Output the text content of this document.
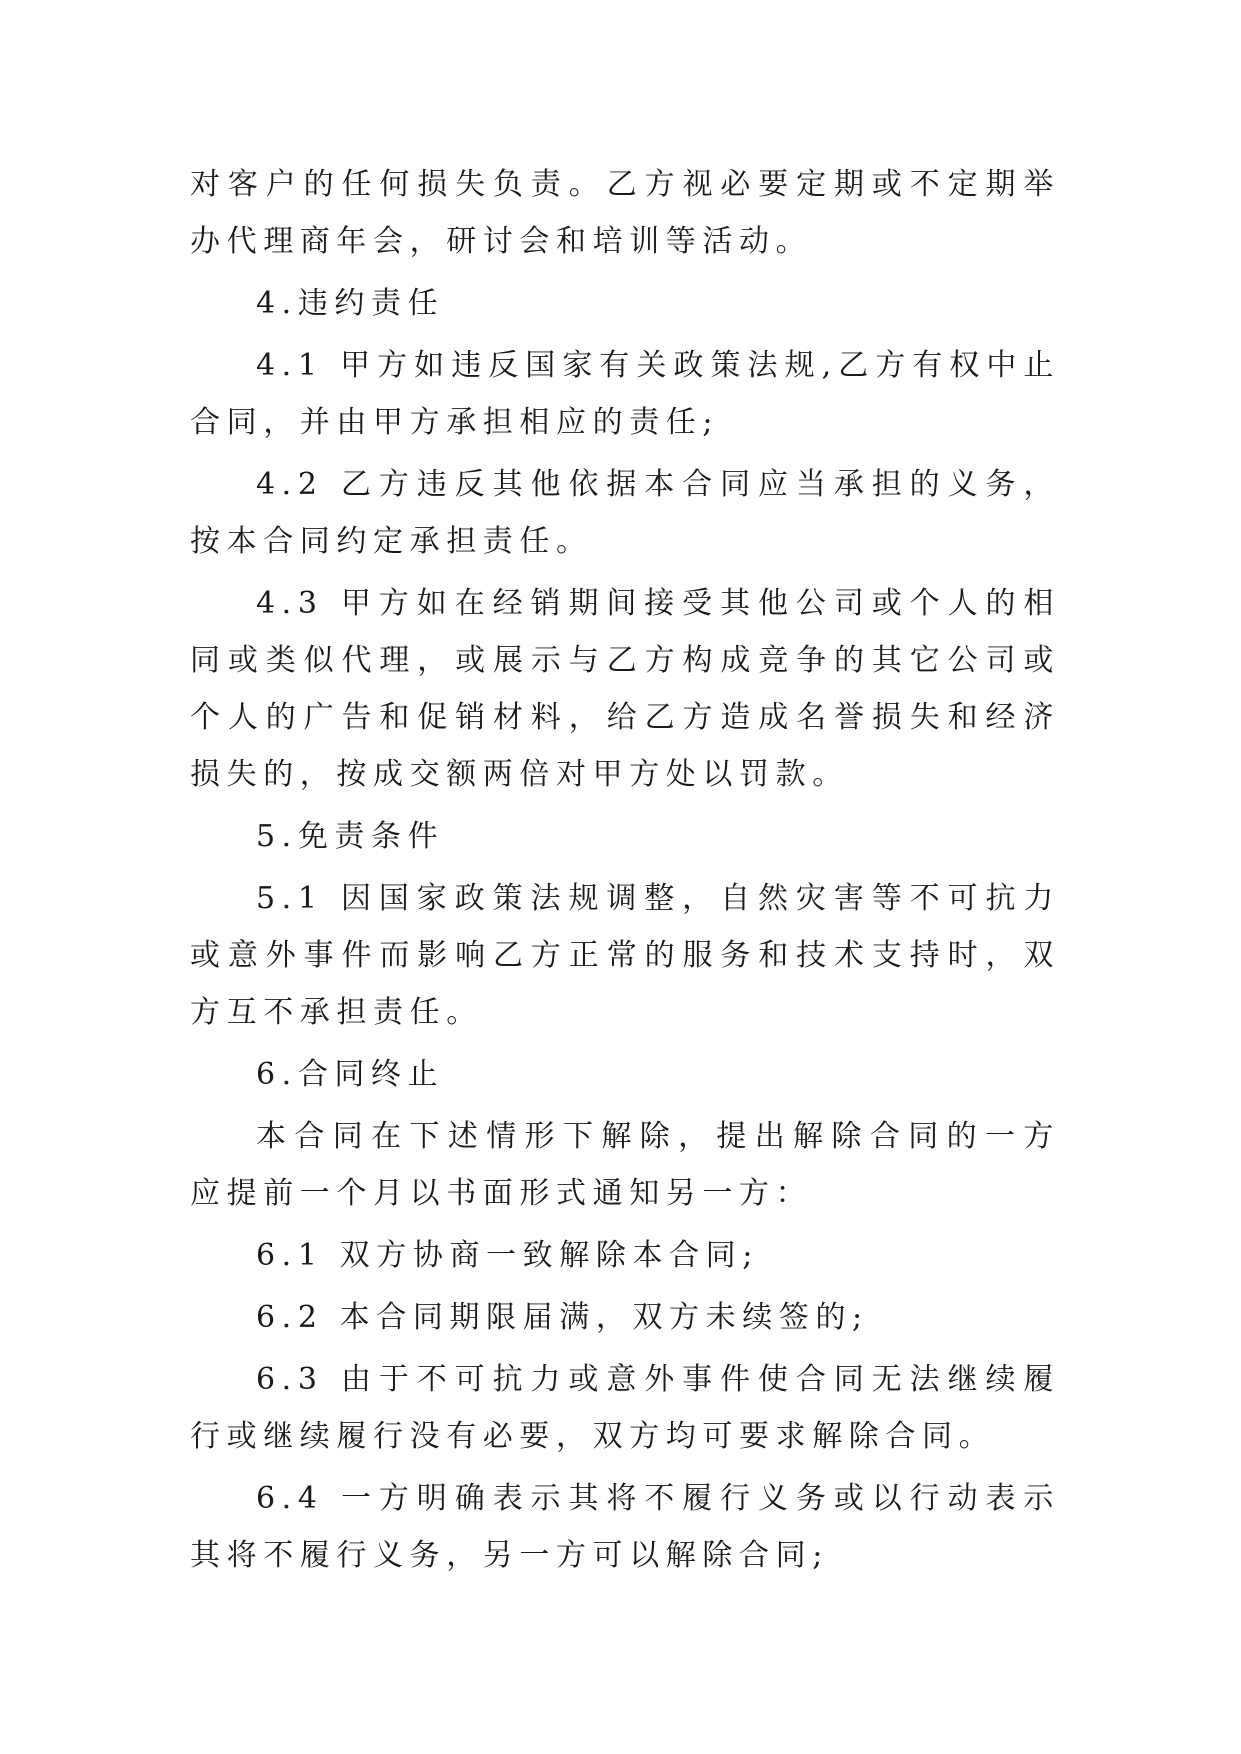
对客户的任何损失负责。乙方视必要定期或不定期举办代理商年会，研讨会和培训等活动。

4.违约责任

4.1 甲方如违反国家有关政策法规,乙方有权中止合同，并由甲方承担相应的责任;

4.2 乙方违反其他依据本合同应当承担的义务，按本合同约定承担责任。

4.3 甲方如在经销期间接受其他公司或个人的相同或类似代理，或展示与乙方构成竞争的其它公司或个人的广告和促销材料，给乙方造成名誉损失和经济损失的，按成交额两倍对甲方处以罚款。

5.免责条件

5.1 因国家政策法规调整，自然灾害等不可抗力或意外事件而影响乙方正常的服务和技术支持时，双方互不承担责任。

6.合同终止

本合同在下述情形下解除，提出解除合同的一方应提前一个月以书面形式通知另一方：

6.1 双方协商一致解除本合同;

6.2 本合同期限届满，双方未续签的;

6.3 由于不可抗力或意外事件使合同无法继续履行或继续履行没有必要，双方均可要求解除合同。

6.4 一方明确表示其将不履行义务或以行动表示其将不履行义务，另一方可以解除合同;
